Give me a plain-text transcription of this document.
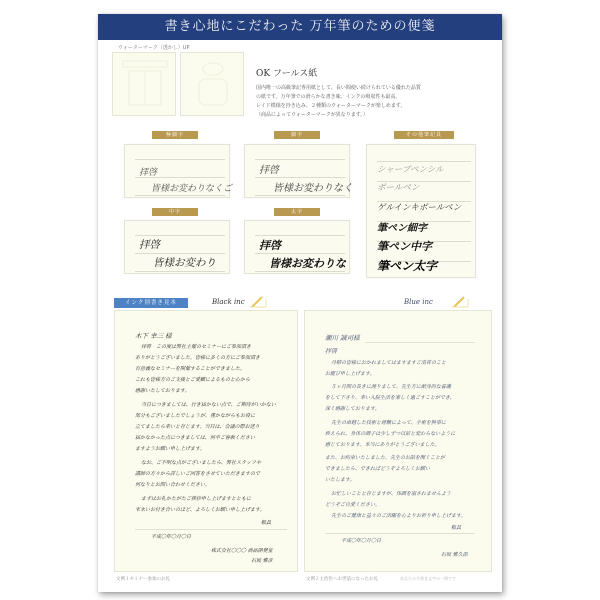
書き心地にこだわった 万年筆のための便箋
ウォーターマーク（透かし）UP
OK フールス紙
国内唯一の高級筆記専用紙として、長い間使い続けられている優れた品質
の紙です。万年筆での滑らかな書き味、インクの吸収性も最高。
レイド模様を抄き込み、２種類のウォーターマークが楽しめます。
（商品によってウォーターマークが異なります。）
極細字
拝啓
皆様お変わりなくご
細字
拝啓
皆様お変わりなく
その他筆記具
シャープペンシル
ボールペン
ゲルインキボールペン
筆ペン細字
筆ペン中字
筆ペン太字
中字
拝啓
皆様お変わり
太字
拝啓
皆様お変わりな
インク別書き見本	Black inc	Blue inc
木下 幸三 様
拝啓　この度は弊社主催のセミナーにご参加頂き
ありがとうございました。皆様に多くの方にご参加頂き
有意義なセミナーを開催することができました。
これも皆様方のご支援とご愛顧によるものと心から
感謝いたしております。
当日につきましては、行き届かない点で、ご期待がいかない
部分もございましたでしょうが、僅かながらもお役に
立てましたら幸いと存じます。当日は、会議の際お送り
届かなかった点につきましては、何卒ご容赦ください
ますようお願い申し上げます。
なお、ご不明な点がございましたら、弊社スタッフや
講師の方々から詳しいご回答をさせていただきますので
何なりとお問い合わせください。
まずはお礼かたがたご挨拶申し上げますとともに
末永いお付き合いのほど、よろしくお願い申し上げます。
敬具
平成〇年〇月〇日
株式会社〇〇〇 商品開発室
石坂 雅彦
文例１セミナー参加のお礼
瀬川 誠司様
拝啓
丹精の皆様におかれましてはますますご清祥のこと
お慶び申し上げます。
５ヶ月間の長きに渡りまして、先生方に献身的な看護
をして下さり、幸い入院生活を楽しく過ごすことができ、
深く感謝しております。
先生の卓越した技術と経験によって、手術を無事に
終えられ、身体の調子は少しずつ以前と変わらないように
感じております。本当にありがとうございました。
また、お約束いたしました、先生のお話を聞くことが
できましたら、できればどうぞよろしくお願い
いたします。
お忙しいことと存じますが、体調を崩されませんよう
どうぞご自愛ください。
先生のご健康と益々のご活躍を心よりお祈り申し上げます。
敬具
平成〇年〇月〇日
石坂 雅久郎
文例２主治医へお世話になったお礼	あなたの手書き文字の一例です
